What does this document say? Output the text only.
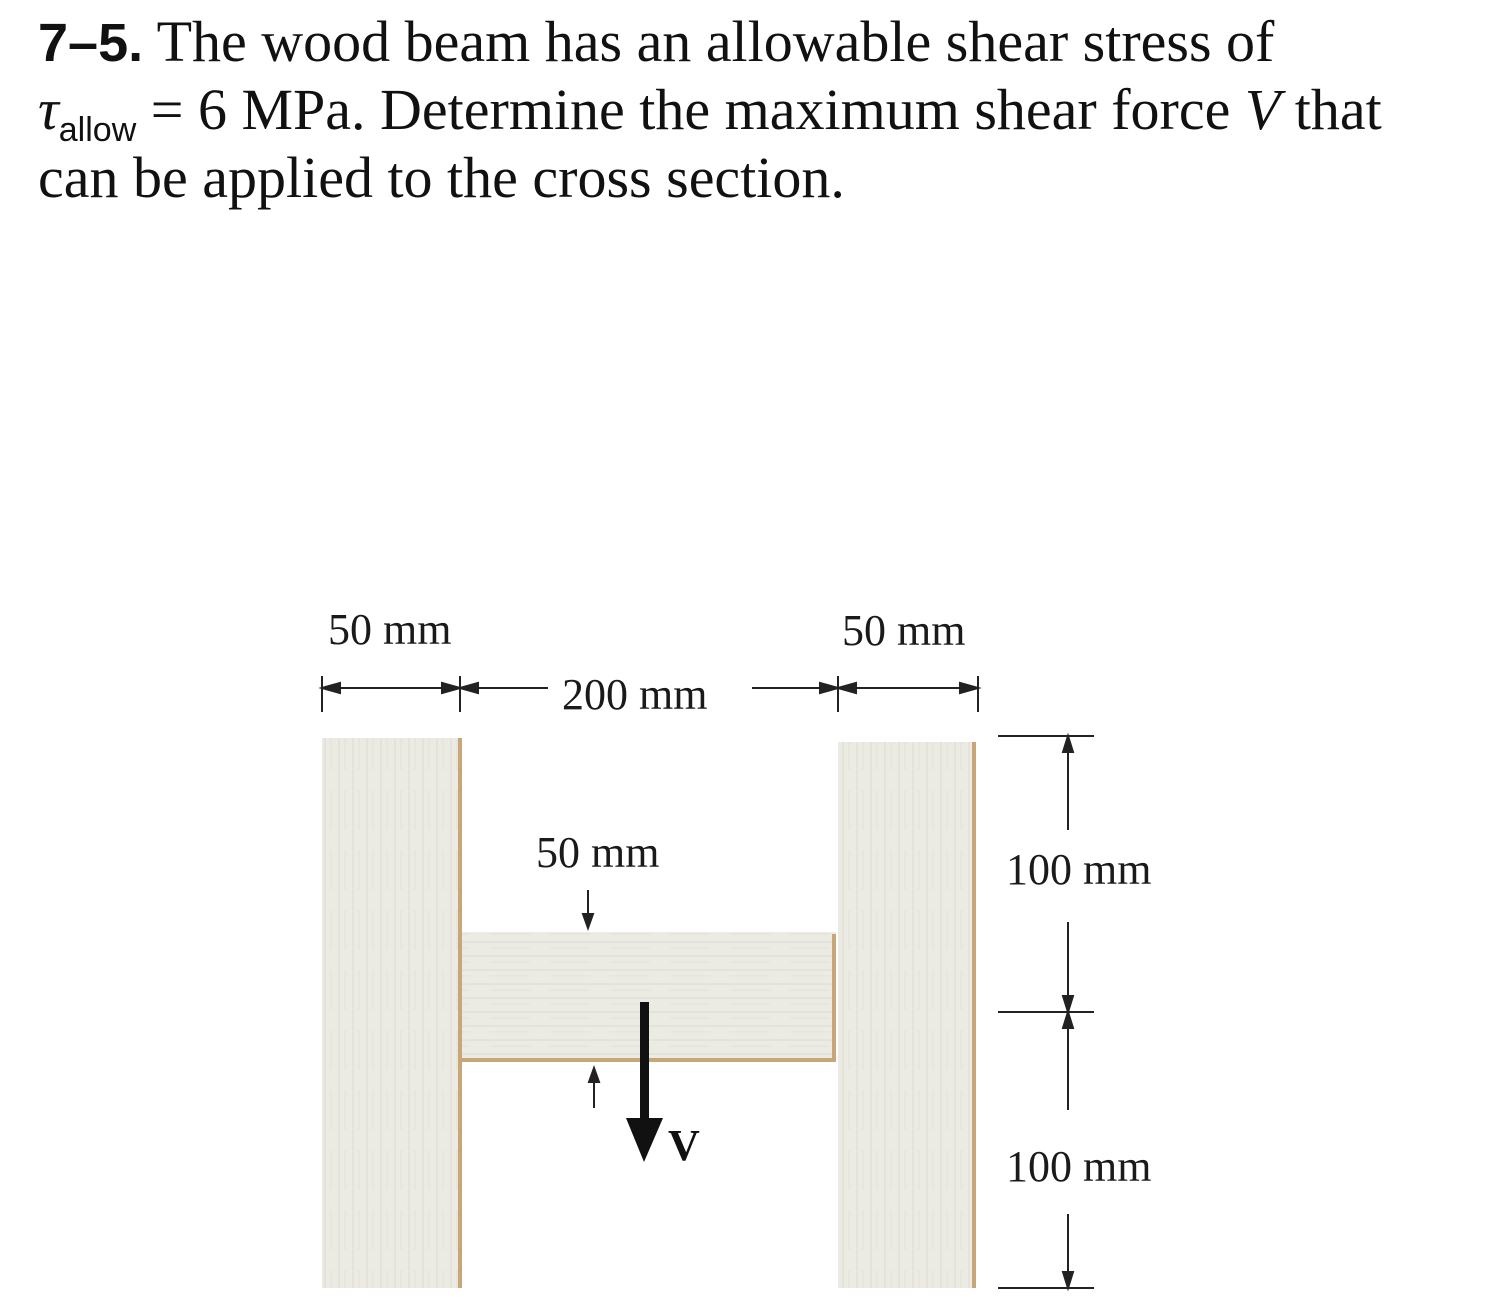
7–5. The wood beam has an allowable shear stress of
$\tau_{allow} = 6$ MPa. Determine the maximum shear force V that
can be applied to the cross section.
50 mm	50 mm
200 mm
50 mm	100 mm
100 mm
V
